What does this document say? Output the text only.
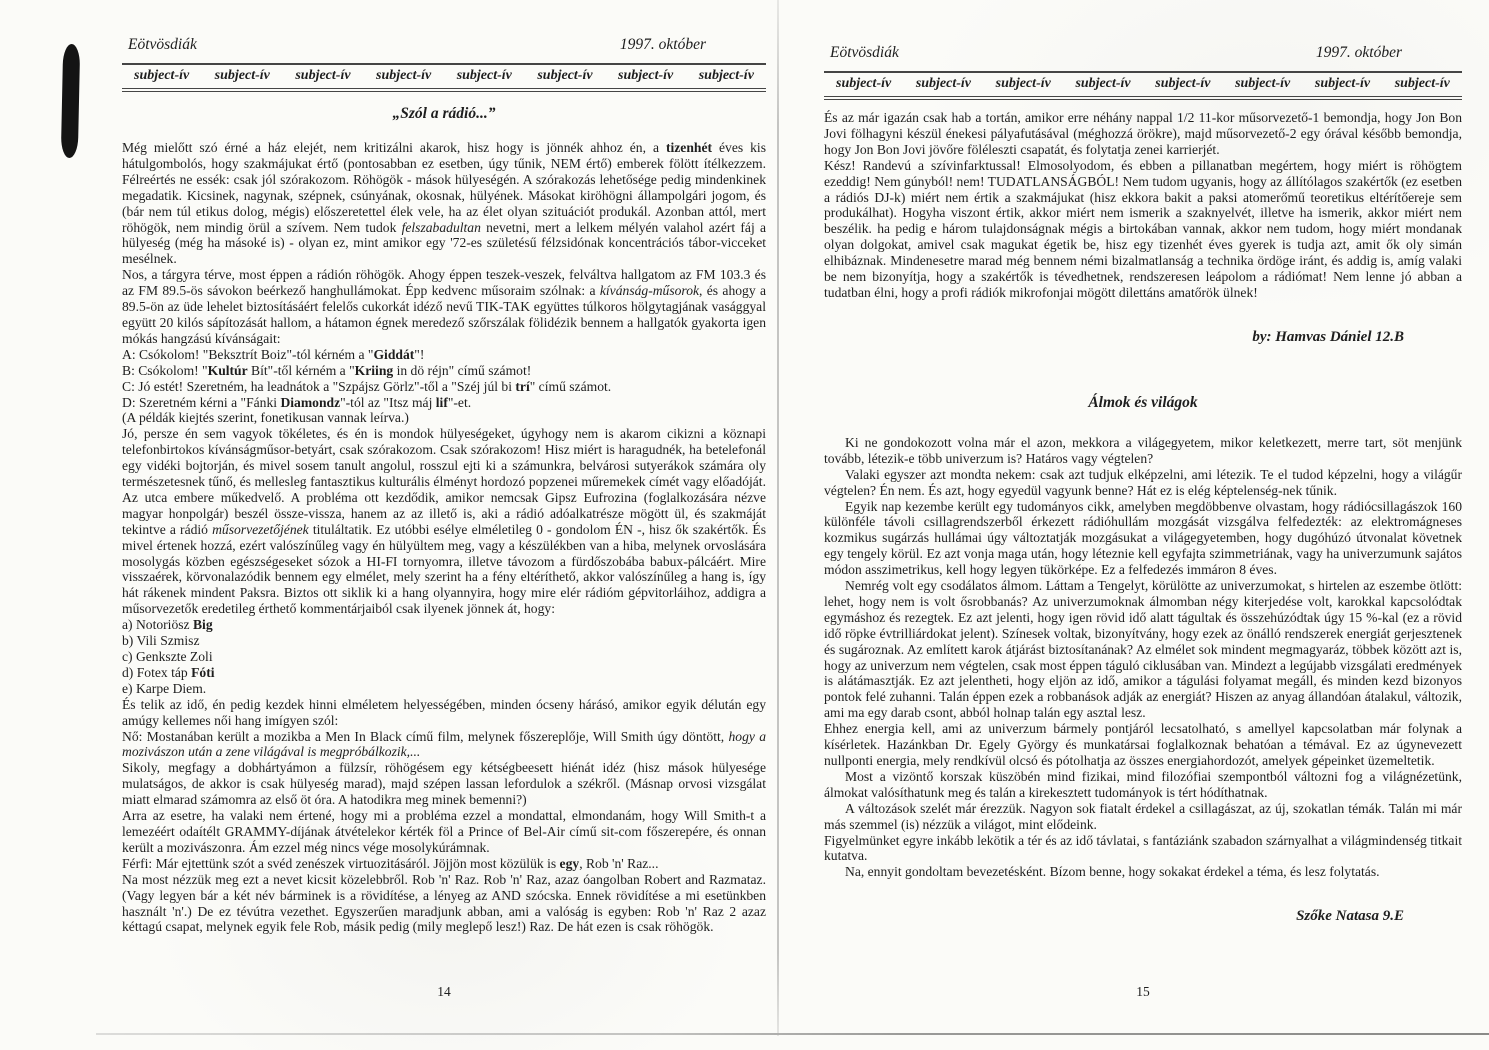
Eötvösdiák	1997. október
subject-ív subject-ív subject-ív subject-ív subject-ív subject-ív subject-ív subject-ív
„Szól a rádió...”

Még mielőtt szó érné a ház elejét, nem kritizálni akarok, hisz hogy is jönnék ahhoz én, a tizenhét éves kis hátulgombolós, hogy szakmájukat értő (pontosabban ez esetben, úgy tűnik, NEM értő) emberek fölött ítélkezzem. Félreértés ne essék: csak jól szórakozom. Röhögök - mások hülyeségén. A szórakozás lehetősége pedig mindenkinek megadatik. Kicsinek, nagynak, szépnek, csúnyának, okosnak, hülyének. Másokat kiröhögni állampolgári jogom, és (bár nem túl etikus dolog, mégis) előszeretettel élek vele, ha az élet olyan szituációt produkál. Azonban attól, mert röhögök, nem mindig örül a szívem. Nem tudok felszabadultan nevetni, mert a lelkem mélyén valahol azért fáj a hülyeség (még ha másoké is) - olyan ez, mint amikor egy '72-es születésű félzsidónak koncentrációs tábor-vicceket mesélnek.

Nos, a tárgyra térve, most éppen a rádión röhögök. Ahogy éppen teszek-veszek, felváltva hallgatom az FM 103.3 és az FM 89.5-ös sávokon beérkező hanghullámokat. Épp kedvenc műsoraim szólnak: a kívánság-műsorok, és ahogy a 89.5-ön az üde lehelet biztosításáért felelős cukorkát idéző nevű TIK-TAK együttes túlkoros hölgytagjának vasággyal együtt 20 kilós sápítozását hallom, a hátamon égnek meredező szőrszálak fölidézik bennem a hallgatók gyakorta igen mókás hangzású kívánságait:

A: Csókolom! "Beksztrít Boiz"-tól kérném a "Giddát"!

B: Csókolom! "Kultúr Bít"-től kérném a "Kriing in dö réjn" című számot!

C: Jó estét! Szeretném, ha leadnátok a "Szpájsz Görlz"-től a "Széj júl bi trí" című számot.

D: Szeretném kérni a "Fánki Diamondz"-tól az "Itsz máj lif"-et.

(A példák kiejtés szerint, fonetikusan vannak leírva.)

Jó, persze én sem vagyok tökéletes, és én is mondok hülyeségeket, úgyhogy nem is akarom cikizni a köznapi telefonbirtokos kívánságműsor-betyárt, csak szórakozom. Csak szórakozom! Hisz miért is haragudnék, ha betelefonál egy vidéki bojtorján, és mivel sosem tanult angolul, rosszul ejti ki a számunkra, belvárosi sutyerákok számára oly természetesnek tűnő, és mellesleg fantasztikus kulturális élményt hordozó popzenei műremekek címét vagy előadóját. Az utca embere műkedvelő. A probléma ott kezdődik, amikor nemcsak Gipsz Eufrozina (foglalkozására nézve magyar honpolgár) beszél össze-vissza, hanem az az illető is, aki a rádió adóalkatrésze mögött ül, és szakmáját tekintve a rádió műsorvezetőjének tituláltatik. Ez utóbbi esélye elméletileg 0 - gondolom ÉN -, hisz ők szakértők. És mivel értenek hozzá, ezért valószínűleg vagy én hülyültem meg, vagy a készülékben van a hiba, melynek orvoslására mosolygás közben egészségeseket sózok a HI-FI tornyomra, illetve távozom a fürdőszobába babux-pálcáért. Mire visszaérek, körvonalazódik bennem egy elmélet, mely szerint ha a fény eltéríthető, akkor valószínűleg a hang is, így hát rákenek mindent Paksra. Biztos ott siklik ki a hang olyannyira, hogy mire elér rádióm gépvitorláihoz, addigra a műsorvezetők eredetileg érthető kommentárjaiból csak ilyenek jönnek át, hogy:

a) Notoriösz Big

b) Vili Szmisz

c) Genkszte Zoli

d) Fotex táp Fóti

e) Karpe Diem.

És telik az idő, én pedig kezdek hinni elméletem helyességében, minden ócseny hárásó, amikor egyik délután egy amúgy kellemes női hang imígyen szól:

Nő: Mostanában került a mozikba a Men In Black című film, melynek főszereplője, Will Smith úgy döntött, hogy a mozivászon után a zene világával is megpróbálkozik,...

Sikoly, megfagy a dobhártyámon a fülzsír, röhögésem egy kétségbeesett hiénát idéz (hisz mások hülyesége mulatságos, de akkor is csak hülyeség marad), majd szépen lassan lefordulok a székről. (Másnap orvosi vizsgálat miatt elmarad számomra az első öt óra. A hatodikra meg minek bemenni?)

Arra az esetre, ha valaki nem értené, hogy mi a probléma ezzel a mondattal, elmondanám, hogy Will Smith-t a lemezéért odaítélt GRAMMY-díjának átvételekor kérték föl a Prince of Bel-Air című sit-com főszerepére, és onnan került a mozivászonra. Ám ezzel még nincs vége mosolykúrámnak.

Férfi: Már ejtettünk szót a svéd zenészek virtuozitásáról. Jöjjön most közülük is egy, Rob 'n' Raz...

Na most nézzük meg ezt a nevet kicsit közelebbről. Rob 'n' Raz. Rob 'n' Raz, azaz óangolban Robert and Razmataz. (Vagy legyen bár a két név bárminek is a rövidítése, a lényeg az AND szócska. Ennek rövidítése a mi esetünkben használt 'n'.) De ez tévútra vezethet. Egyszerűen maradjunk abban, ami a valóság is egyben: Rob 'n' Raz 2 azaz kéttagú csapat, melynek egyik fele Rob, másik pedig (mily meglepő lesz!) Raz. De hát ezen is csak röhögök.

14
Eötvösdiák	1997. október
subject-ív subject-ív subject-ív subject-ív subject-ív subject-ív subject-ív subject-ív

És az már igazán csak hab a tortán, amikor erre néhány nappal 1/2 11-kor műsorvezető-1 bemondja, hogy Jon Bon Jovi fölhagyni készül énekesi pályafutásával (méghozzá örökre), majd műsorvezető-2 egy órával később bemondja, hogy Jon Bon Jovi jövőre föléleszti csapatát, és folytatja zenei karrierjét.

Kész! Randevú a szívinfarktussal! Elmosolyodom, és ebben a pillanatban megértem, hogy miért is röhögtem ezeddig! Nem gúnyból! nem! TUDATLANSÁGBÓL! Nem tudom ugyanis, hogy az állítólagos szakértők (ez esetben a rádiós DJ-k) miért nem értik a szakmájukat (hisz ekkora bakit a paksi atomerőmű teoretikus eltérítőereje sem produkálhat). Hogyha viszont értik, akkor miért nem ismerik a szaknyelvét, illetve ha ismerik, akkor miért nem beszélik. ha pedig e három tulajdonságnak mégis a birtokában vannak, akkor nem tudom, hogy miért mondanak olyan dolgokat, amivel csak magukat égetik be, hisz egy tizenhét éves gyerek is tudja azt, amit ők oly simán elhibáznak. Mindenesetre marad még bennem némi bizalmatlanság a technika ördöge iránt, és addig is, amíg valaki be nem bizonyítja, hogy a szakértők is tévedhetnek, rendszeresen leápolom a rádiómat! Nem lenne jó abban a tudatban élni, hogy a profi rádiók mikrofonjai mögött dilettáns amatőrök ülnek!

by: Hamvas Dániel 12.B
Álmok és világok

Ki ne gondokozott volna már el azon, mekkora a világegyetem, mikor keletkezett, merre tart, söt menjünk tovább, létezik-e több univerzum is? Határos vagy végtelen?

Valaki egyszer azt mondta nekem: csak azt tudjuk elképzelni, ami létezik. Te el tudod képzelni, hogy a világűr végtelen? Én nem. És azt, hogy egyedül vagyunk benne? Hát ez is elég képtelenség-nek tűnik.

Egyik nap kezembe került egy tudományos cikk, amelyben megdöbbenve olvastam, hogy rádiócsillagászok 160 különféle távoli csillagrendszerből érkezett rádióhullám mozgását vizsgálva felfedezték: az elektromágneses kozmikus sugárzás hullámai úgy változtatják mozgásukat a világegyetemben, hogy dugóhúzó útvonalat követnek egy tengely körül. Ez azt vonja maga után, hogy léteznie kell egyfajta szimmetriának, vagy ha univerzumunk sajátos módon asszimetrikus, kell hogy legyen tükörképe. Ez a felfedezés immáron 8 éves.

Nemrég volt egy csodálatos álmom. Láttam a Tengelyt, körülötte az univerzumokat, s hirtelen az eszembe ötlött: lehet, hogy nem is volt ősrobbanás? Az univerzumoknak álmomban négy kiterjedése volt, karokkal kapcsolódtak egymáshoz és rezegtek. Ez azt jelenti, hogy igen rövid idő alatt tágultak és összehúzódtak úgy 15 %-kal (ez a rövid idő röpke évtrilliárdokat jelent). Színesek voltak, bizonyítvány, hogy ezek az önálló rendszerek energiát gerjesztenek és sugároznak. Az említett karok átjárást biztosítanának? Az elmélet sok mindent megmagyaráz, többek között azt is, hogy az univerzum nem végtelen, csak most éppen táguló ciklusában van. Mindezt a legújabb vizsgálati eredmények is alátámasztják. Ez azt jelentheti, hogy eljön az idő, amikor a tágulási folyamat megáll, és minden kezd bizonyos pontok felé zuhanni. Talán éppen ezek a robbanások adják az energiát? Hiszen az anyag állandóan átalakul, változik, ami ma egy darab csont, abból holnap talán egy asztal lesz.

Ehhez energia kell, ami az univerzum bármely pontjáról lecsatolható, s amellyel kapcsolatban már folynak a kísérletek. Hazánkban Dr. Egely György és munkatársai foglalkoznak behatóan a témával. Ez az úgynevezett nullponti energia, mely rendkívül olcsó és pótolhatja az összes energiahordozót, amelyek gépeinket üzemeltetik.

Most a vizöntő korszak küszöbén mind fizikai, mind filozófiai szempontból változni fog a világnézetünk, álmokat valósíthatunk meg és talán a kirekesztett tudományok is tért hódíthatnak.

A változások szelét már érezzük. Nagyon sok fiatalt érdekel a csillagászat, az új, szokatlan témák. Talán mi már más szemmel (is) nézzük a világot, mint elődeink.

Figyelmünket egyre inkább lekötik a tér és az idő távlatai, s fantáziánk szabadon szárnyalhat a világmindenség titkait kutatva.

Na, ennyit gondoltam bevezetésként. Bízom benne, hogy sokakat érdekel a téma, és lesz folytatás.

Szőke Natasa 9.E
15
